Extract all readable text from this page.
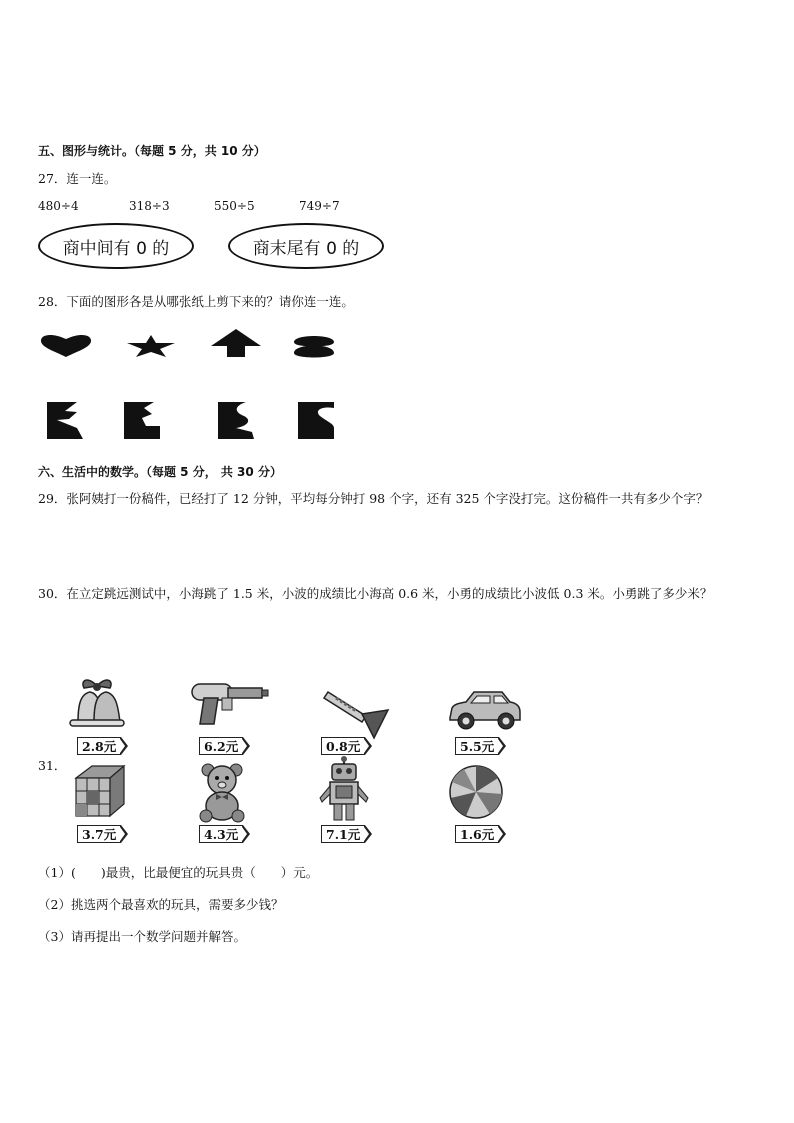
五、图形与统计。（每题 5 分，共 10 分）
27．连一连。
480÷4	318÷3	550÷5	749÷7
商中间有 0 的	商末尾有 0 的
28．下面的图形各是从哪张纸上剪下来的？请你连一连。
六、生活中的数学。（每题 5 分， 共 30 分）
29．张阿姨打一份稿件，已经打了 12 分钟，平均每分钟打 98 个字，还有 325 个字没打完。这份稿件一共有多少个字？
30．在立定跳远测试中，小海跳了 1.5 米，小波的成绩比小海高 0.6 米，小勇的成绩比小波低 0.3 米。小勇跳了多少米？
31．
2.8元	6.2元	0.8元	5.5元
3.7元	4.3元	7.1元	1.6元
（1）(　　)最贵，比最便宜的玩具贵（　　）元。
（2）挑选两个最喜欢的玩具，需要多少钱？
（3）请再提出一个数学问题并解答。
